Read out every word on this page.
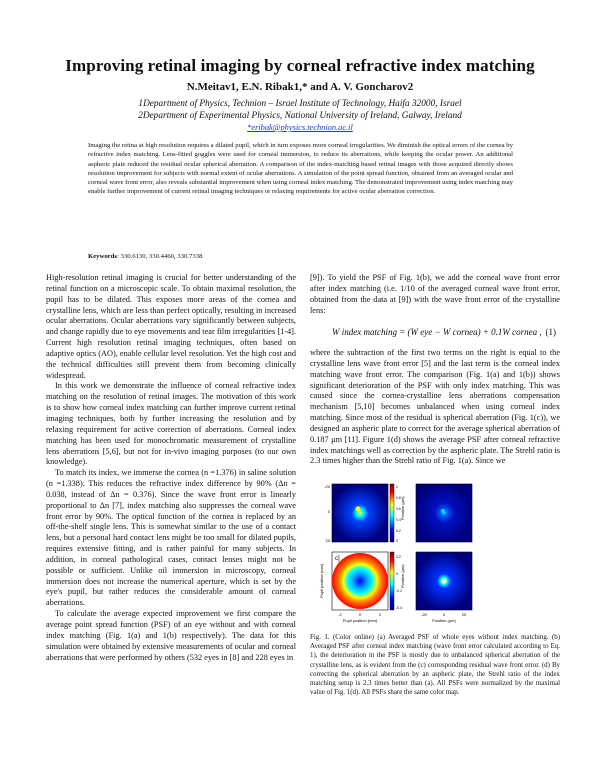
Improving retinal imaging by corneal refractive index matching
N.Meitav1, E.N. Ribak1,* and A. V. Goncharov2
1Department of Physics, Technion – Israel Institute of Technology, Haifa 32000, Israel
2Department of Experimental Physics, National University of Ireland, Galway, Ireland
*eribak@physics.technion.ac.il
Imaging the retina at high resolution requires a dilated pupil, which in turn exposes more corneal irregularities. We diminish the optical errors of the cornea by refractive index matching. Lens-fitted goggles were used for corneal immersion, to reduce its aberrations, while keeping the ocular power. An additional aspheric plate reduced the residual ocular spherical aberration. A comparison of the index-matching based retinal images with those acquired directly shows resolution improvement for subjects with normal extent of ocular aberrations. A simulation of the point spread function, obtained from an averaged ocular and corneal wave front error, also reveals substantial improvement when using corneal index matching. The demonstrated improvement using index matching may enable further improvement of current retinal imaging techniques or relaxing requirements for active ocular aberration correction.
Keywords: 330.6130, 330.4460, 330.7338

High-resolution retinal imaging is crucial for better understanding of the retinal function on a microscopic scale. To obtain maximal resolution, the pupil has to be dilated. This exposes more areas of the cornea and crystalline lens, which are less than perfect optically, resulting in increased ocular aberrations. Ocular aberrations vary significantly between subjects, and change rapidly due to eye movements and tear film irregularities [1-4]. Current high resolution retinal imaging techniques, often based on adaptive optics (AO), enable cellular level resolution. Yet the high cost and the technical difficulties still prevent them from becoming clinically widespread.

In this work we demonstrate the influence of corneal refractive index matching on the resolution of retinal images. The motivation of this work is to show how corneal index matching can further improve current retinal imaging techniques, both by further increasing the resolution and by relaxing requirement for active correction of aberrations. Corneal index matching has been used for monochromatic measurement of crystalline lens aberrations [5,6], but not for in-vivo imaging purposes (to our own knowledge).

To match its index, we immerse the cornea (n =1.376) in saline solution (n =1.338). This reduces the refractive index difference by 90% (Δn = 0.038, instead of Δn = 0.376). Since the wave front error is linearly proportional to Δn [7], index matching also suppresses the corneal wave front error by 90%. The optical function of the cornea is replaced by an off-the-shelf single lens. This is somewhat similar to the use of a contact lens, but a personal hard contact lens might be too small for dilated pupils, requires extensive fitting, and is rather painful for many subjects. In addition, in corneal pathological cases, contact lenses might not be possible or sufficient. Unlike oil immersion in microscopy, corneal immersion does not increase the numerical aperture, which is set by the eye's pupil, but rather reduces the considerable amount of corneal aberrations.

To calculate the average expected improvement we first compare the average point spread function (PSF) of an eye without and with corneal index matching (Fig. 1(a) and 1(b) respectively). The data for this simulation were obtained by extensive measurements of ocular and corneal aberrations that were performed by others (532 eyes in [8] and 228 eyes in

[9]). To yield the PSF of Fig. 1(b), we add the corneal wave front error after index matching (i.e. 1/10 of the averaged corneal wave front error, obtained from the data at [9]) with the wave front error of the crystalline lens:

W index matching = (W eye − W cornea) + 0.1W cornea , (1)

where the subtraction of the first two terms on the right is equal to the crystalline lens wave front error [5] and the last term is the corneal index matching wave front error. The comparison (Fig. 1(a) and 1(b)) shows significant deterioration of the PSF with only index matching. This was caused since the cornea-crystalline lens aberrations compensation mechanism [5,10] becomes unbalanced when using corneal index matching. Since most of the residual is spherical aberration (Fig. 1(c)), we designed an aspheric plate to correct for the average spherical aberration of 0.187 μm [11]. Figure 1(d) shows the average PSF after corneal refractive index matchings well as correction by the aspheric plate. The Strehl ratio is 2.3 times higher than the Strehl ratio of Fig. 1(a). Since we

a]
-20
0
20
1
0.8
0.6
0.4
0.2
0
b]
Position (μm)
c]
Pupil position (mm)
-2	0	2
Pupil position (mm)
0.2
0
-0.2
-0.4
d]
Position (μm)
-20	0	20
Position (μm)
Fig. 1. (Color online) (a) Averaged PSF of whole eyes without index matching. (b) Averaged PSF after corneal index matching (wave front error calculated according to Eq. 1), the deterioration in the PSF is mostly due to unbalanced spherical aberration of the crystalline lens, as is evident from the (c) corresponding residual wave front error. (d) By correcting the spherical aberration by an aspheric plate, the Strehl ratio of the index matching setup is 2.3 times better than (a). All PSFs were normalized by the maximal value of Fig. 1(d). All PSFs share the same color map.
